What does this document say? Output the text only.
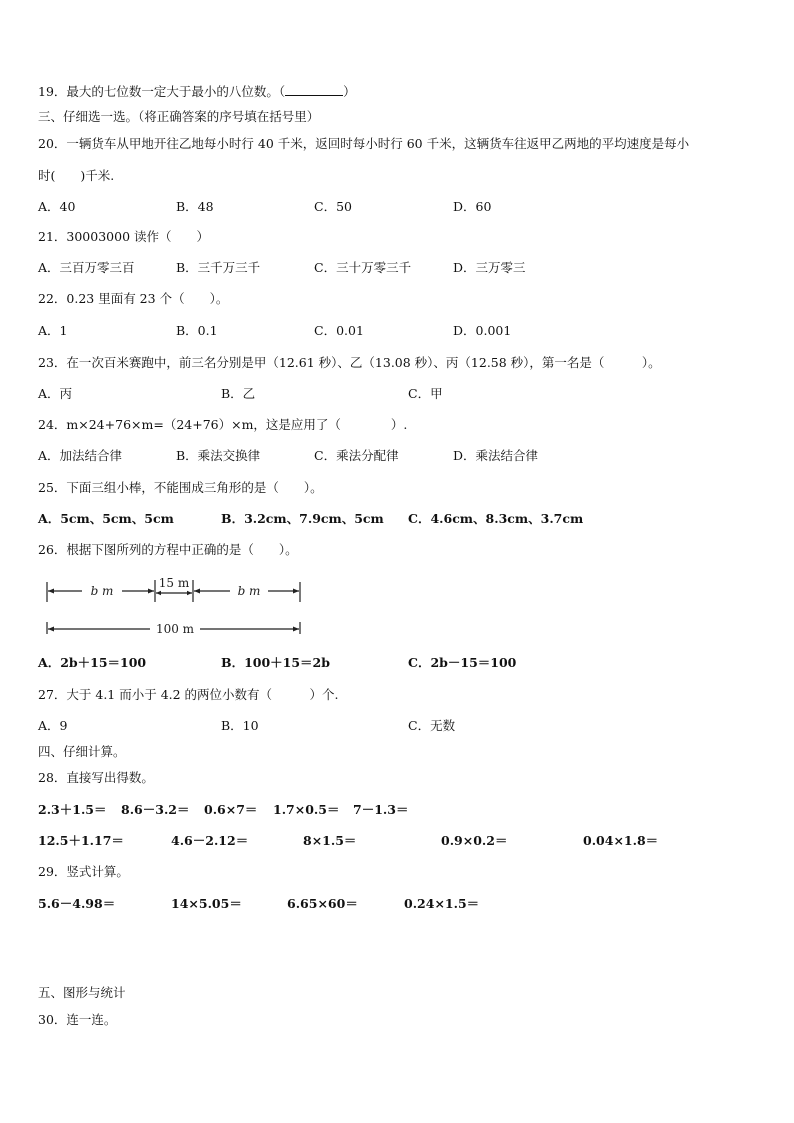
19．最大的七位数一定大于最小的八位数。（	）
三、仔细选一选。（将正确答案的序号填在括号里）
20．一辆货车从甲地开往乙地每小时行 40 千米，返回时每小时行 60 千米，这辆货车往返甲乙两地的平均速度是每小
时(　　)千米.
A．40	B．48	C．50	D．60
21．30003000 读作（　　）
A．三百万零三百	B．三千万三千	C．三十万零三千	D．三万零三
22．0.23 里面有 23 个（　　）。
A．1	B．0.1	C．0.01	D．0.001
23．在一次百米赛跑中，前三名分别是甲（12.61 秒）、乙（13.08 秒）、丙（12.58 秒），第一名是（　　　）。
A．丙	B．乙	C．甲
24．m×24+76×m=（24+76）×m，这是应用了（　　　　）.
A．加法结合律	B．乘法交换律	C．乘法分配律	D．乘法结合律
25．下面三组小棒，不能围成三角形的是（　　）。
A．5cm、5cm、5cm	B．3.2cm、7.9cm、5cm C．4.6cm、8.3cm、3.7cm
26．根据下图所列的方程中正确的是（　　）。
b m
15 m
b m
100 m
A．2b＋15＝100	B．100＋15＝2b	C．2b－15＝100
27．大于 4.1 而小于 4.2 的两位小数有（　　　）个.
A．9	B．10	C．无数
四、仔细计算。
28．直接写出得数。
2.3＋1.5＝ 8.6－3.2＝ 0.6×7＝ 1.7×0.5＝ 7－1.3＝
12.5＋1.17＝	4.6－2.12＝	8×1.5＝	0.9×0.2＝	0.04×1.8＝
29．竖式计算。
5.6－4.98＝	14×5.05＝	6.65×60＝	0.24×1.5＝
五、图形与统计
30．连一连。
